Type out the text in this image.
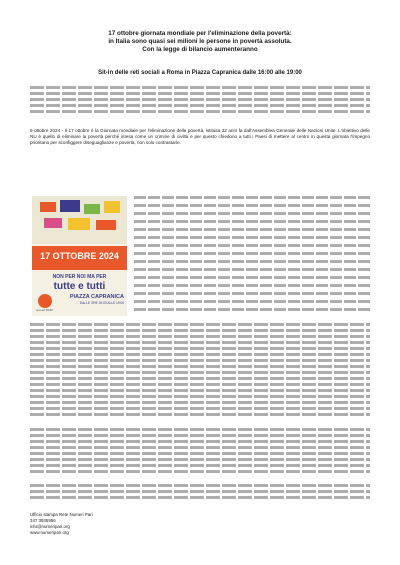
17 ottobre giornata mondiale per l'eliminazione della povertà:
in Italia sono quasi sei milioni le persone in povertà assoluta.
Con la legge di bilancio aumenteranno
Sit-in delle reti sociali a Roma in Piazza Capranica dalle 16:00 alle 19:00
9 ottobre 2024 - Il 17 ottobre è la Giornata mondiale per l'eliminazione delle povertà, istituita 32 anni fa dall'Assemblea Generale delle Nazioni Unite. L'obiettivo delle NU è quello di eliminare la povertà perché intesa come un crimine di civiltà e per questo chiedono a tutti i Paesi di mettere al centro in questa giornata l'impegno prioritario per sconfiggere diseguaglianze e povertà, non solo contrastarle.
17 OTTOBRE 2024
NON PER NOI MA PER
tutte e tutti
numeri PARI
PIAZZA CAPRANICA
DALLE ORE 16:00 ALLE 19:00
Ufficio stampa Rete Numeri Pari
347 3935956
info@numeripari.org
www.numeripari.org
